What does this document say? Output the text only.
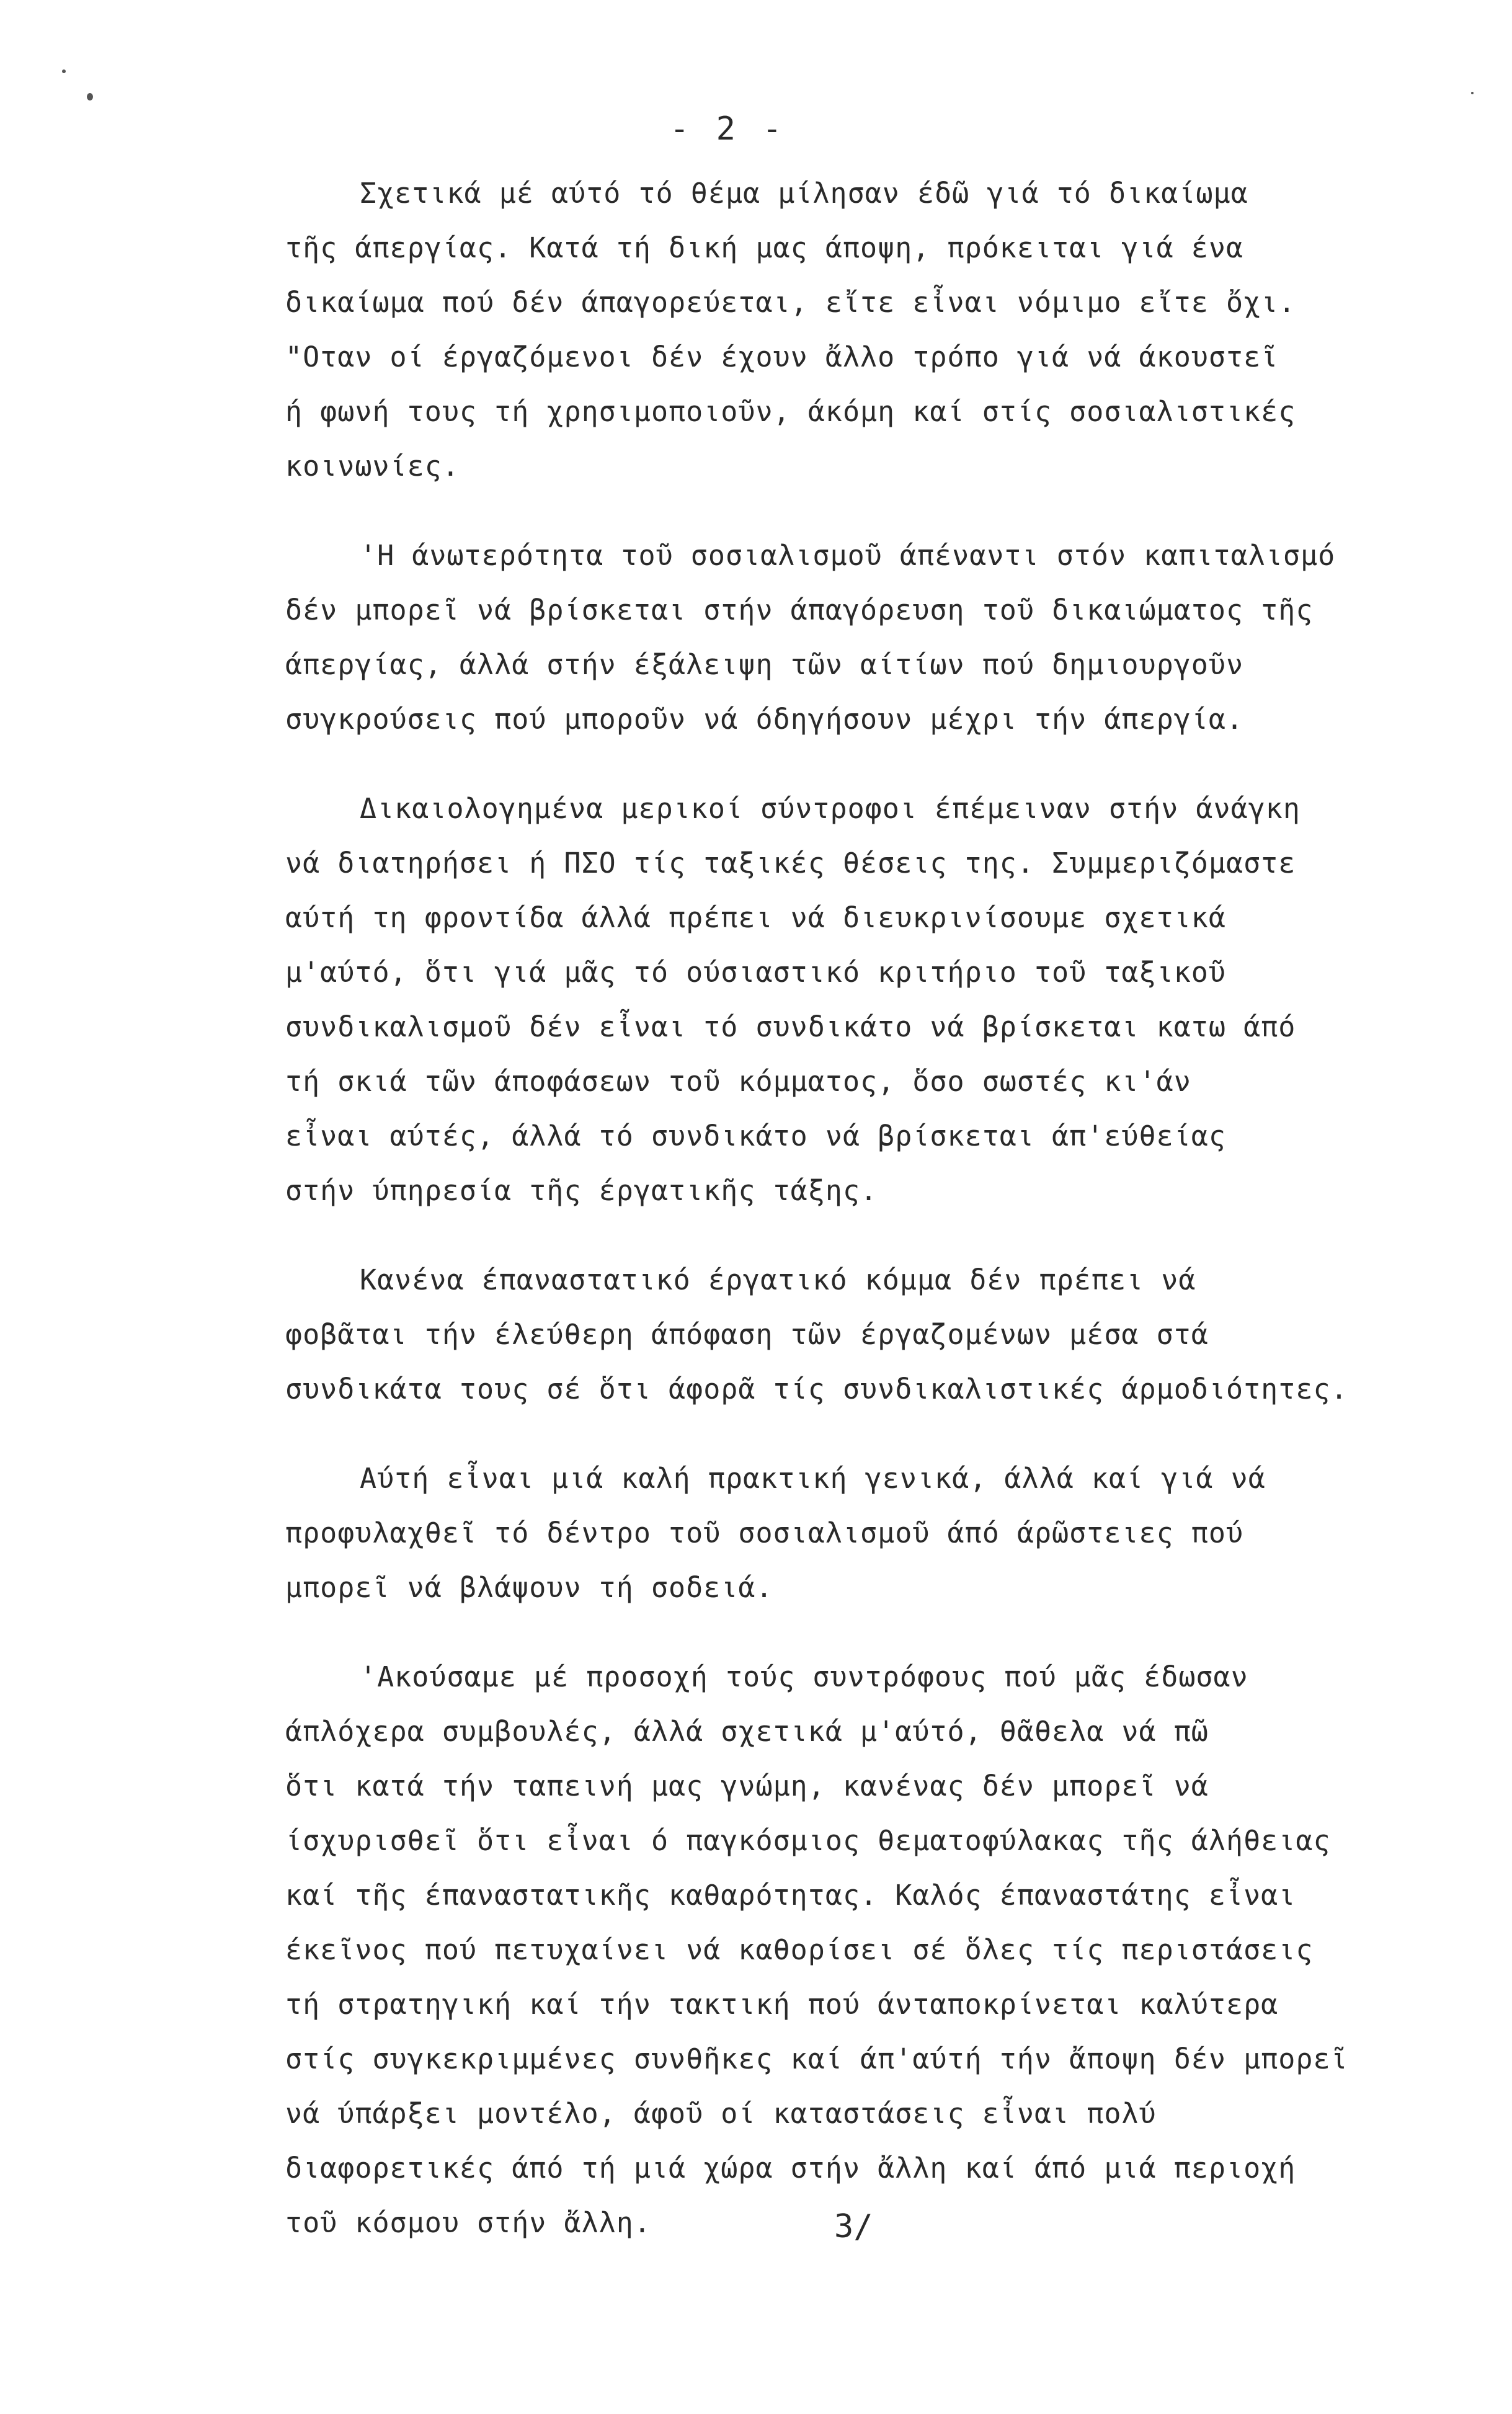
- 2 -

Σχετικά μέ αύτό τό θέμα μίλησαν έδῶ γιά τό δικαίωμα
τῆς άπεργίας. Κατά τή δική μας άποψη, πρόκειται γιά ένα
δικαίωμα πού δέν άπαγορεύεται, εἴτε εἶναι νόμιμο εἴτε ὄχι.
"Οταν οί έργαζόμενοι δέν έχουν ἄλλο τρόπο γιά νά άκουστεῖ
ή φωνή τους τή χρησιμοποιοῦν, άκόμη καί στίς σοσιαλιστικές
κοινωνίες.

'Η άνωτερότητα τοῦ σοσιαλισμοῦ άπέναντι στόν καπιταλισμό
δέν μπορεῖ νά βρίσκεται στήν άπαγόρευση τοῦ δικαιώματος τῆς
άπεργίας, άλλά στήν έξάλειψη τῶν αίτίων πού δημιουργοῦν
συγκρούσεις πού μποροῦν νά όδηγήσουν μέχρι τήν άπεργία.

Δικαιολογημένα μερικοί σύντροφοι έπέμειναν στήν άνάγκη
νά διατηρήσει ή ΠΣΟ τίς ταξικές θέσεις της. Συμμεριζόμαστε
αύτή τη φροντίδα άλλά πρέπει νά διευκρινίσουμε σχετικά
μ'αύτό, ὅτι γιά μᾶς τό ούσιαστικό κριτήριο τοῦ ταξικοῦ
συνδικαλισμοῦ δέν εἶναι τό συνδικάτο νά βρίσκεται κατω άπό
τή σκιά τῶν άποφάσεων τοῦ κόμματος, ὅσο σωστές κι'άν
εἶναι αύτές, άλλά τό συνδικάτο νά βρίσκεται άπ'εύθείας
στήν ύπηρεσία τῆς έργατικῆς τάξης.

Κανένα έπαναστατικό έργατικό κόμμα δέν πρέπει νά
φοβᾶται τήν έλεύθερη άπόφαση τῶν έργαζομένων μέσα στά
συνδικάτα τους σέ ὅτι άφορᾶ τίς συνδικαλιστικές άρμοδιότητες.

Αύτή εἶναι μιά καλή πρακτική γενικά, άλλά καί γιά νά
προφυλαχθεῖ τό δέντρο τοῦ σοσιαλισμοῦ άπό άρῶστειες πού
μπορεῖ νά βλάψουν τή σοδειά.

'Ακούσαμε μέ προσοχή τούς συντρόφους πού μᾶς έδωσαν
άπλόχερα συμβουλές, άλλά σχετικά μ'αύτό, θᾶθελα νά πῶ
ὅτι κατά τήν ταπεινή μας γνώμη, κανένας δέν μπορεῖ νά
ίσχυρισθεῖ ὅτι εἶναι ό παγκόσμιος θεματοφύλακας τῆς άλήθειας
καί τῆς έπαναστατικῆς καθαρότητας. Καλός έπαναστάτης εἶναι
έκεῖνος πού πετυχαίνει νά καθορίσει σέ ὅλες τίς περιστάσεις
τή στρατηγική καί τήν τακτική πού άνταποκρίνεται καλύτερα
στίς συγκεκριμμένες συνθῆκες καί άπ'αύτή τήν ἄποψη δέν μπορεῖ
νά ύπάρξει μοντέλο, άφοῦ οί καταστάσεις εἶναι πολύ
διαφορετικές άπό τή μιά χώρα στήν ἄλλη καί άπό μιά περιοχή
τοῦ κόσμου στήν ἄλλη.	3/
